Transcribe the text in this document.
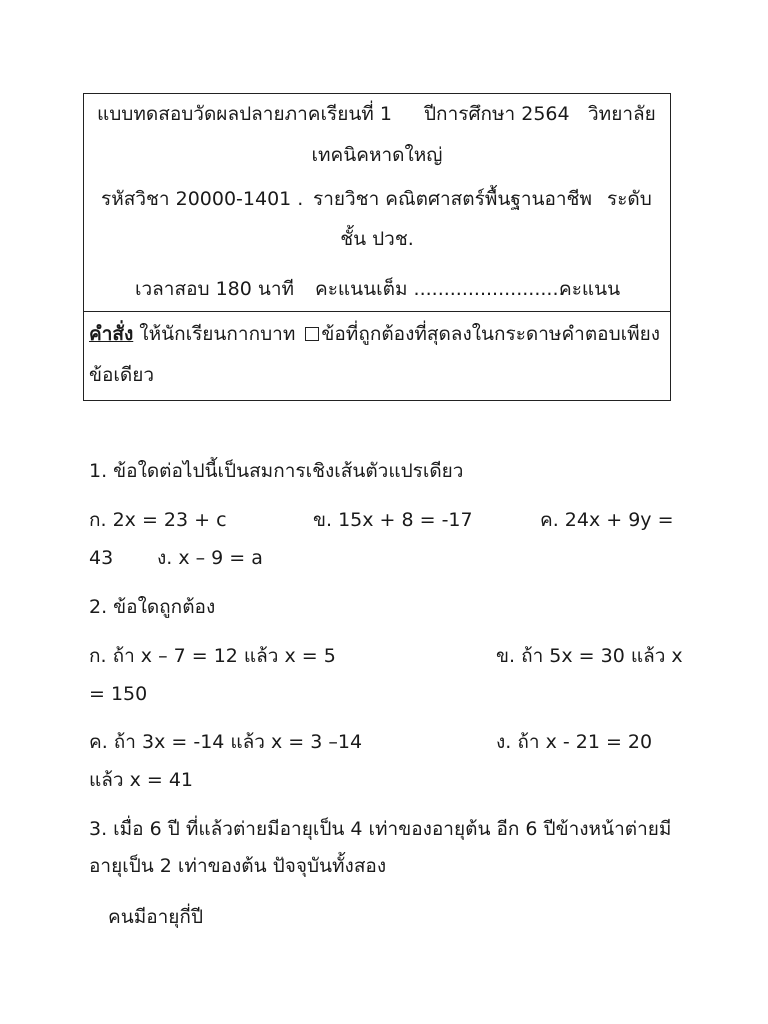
แบบทดสอบวัดผลปลายภาคเรียนที่ 1 ปีการศึกษา 2564 วิทยาลัย
เทคนิคหาดใหญ่
รหัสวิชา 20000-1401 . รายวิชา คณิตศาสตร์พื้นฐานอาชีพ ระดับ
ชั้น ปวช.
เวลาสอบ 180 นาที คะแนนเต็ม .........................
คะแนน
คำสั่ง ให้นักเรียนกากบาท ข้อที่ถูกต้องที่สุดลงในกระดาษคำตอบเพียง
ข้อเดียว
1. ข้อใดต่อไปนี้เป็นสมการเชิงเส้นตัวแปรเดียว
ก. 2x = 23 + c	ข. 15x + 8 = -17	ค. 24x + 9y =
43 ง. x – 9 = a
2. ข้อใดถูกต้อง
ก. ถ้า x – 7 = 12 แล้ว x = 5	ข. ถ้า 5x = 30 แล้ว x
= 150
ค. ถ้า 3x = -14 แล้ว x = 3 –14	ง. ถ้า x - 21 = 20
แล้ว x = 41
3. เมื่อ 6 ปี ที่แล้วต่ายมีอายุเป็น 4 เท่าของอายุต้น อีก 6 ปีข้างหน้าต่ายมี
อายุเป็น 2 เท่าของต้น ปัจจุบันทั้งสอง
คนมีอายุกี่ปี
